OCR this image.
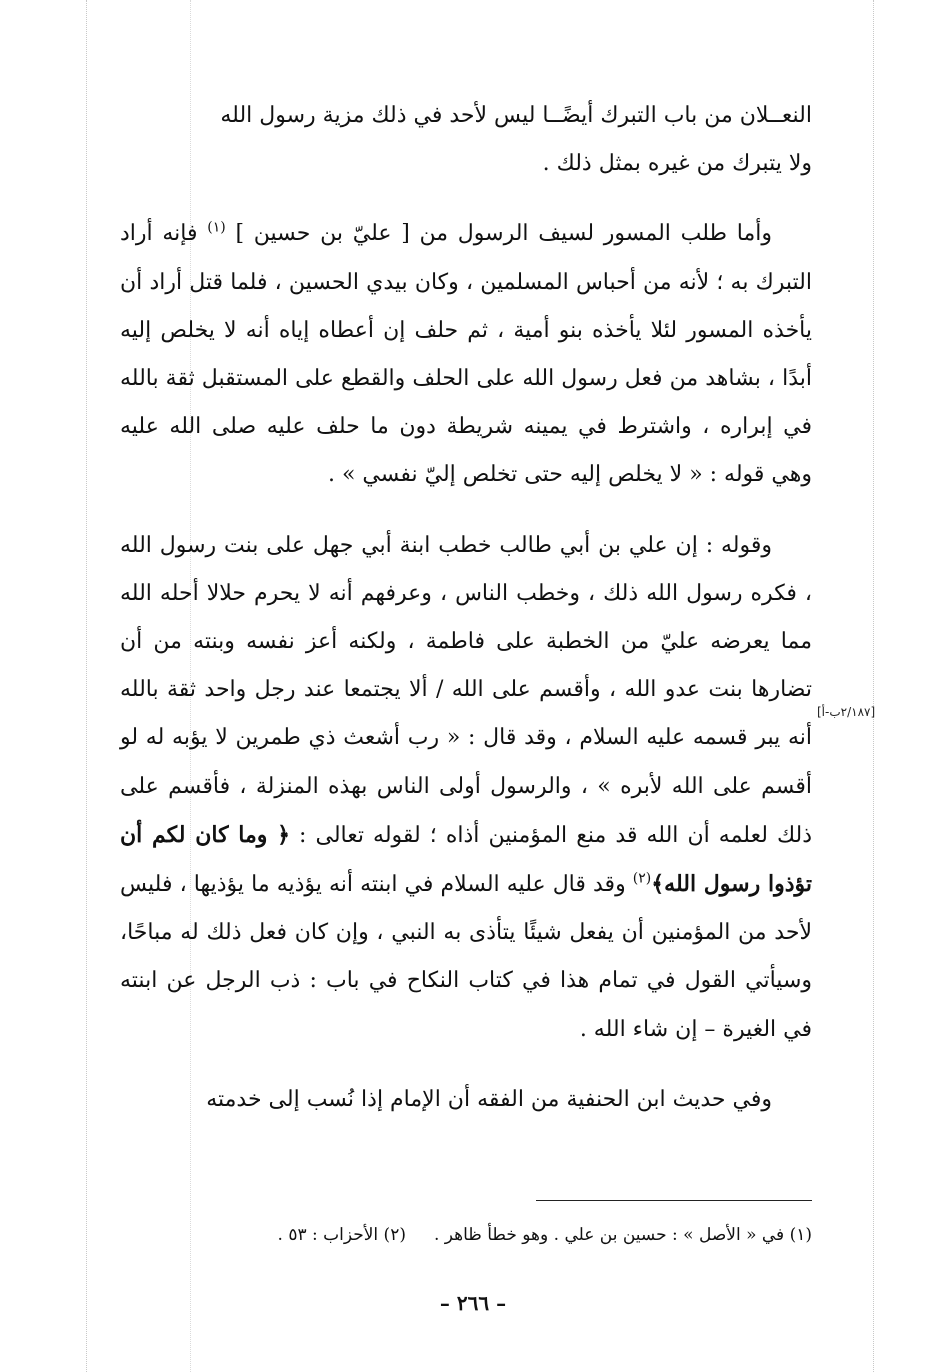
النعــلان من باب التبرك أيضًــا ليس لأحد في ذلك مزية رسول الله
ولا يتبرك من غيره بمثل ذلك .

وأما طلب المسور لسيف الرسول من [ عليّ بن حسين ] $^{(١)}$ فإنه أراد التبرك به ؛ لأنه من أحباس المسلمين ، وكان بيدي الحسين ، فلما قتل أراد أن يأخذه المسور لئلا يأخذه بنو أمية ، ثم حلف إن أعطاه إياه أنه لا يخلص إليه أبدًا ، بشاهد من فعل رسول الله على الحلف والقطع على المستقبل ثقة بالله في إبراره ، واشترط في يمينه شريطة دون ما حلف عليه صلى الله عليه وهي قوله : « لا يخلص إليه حتى تخلص إليّ نفسي » .

وقوله : إن علي بن أبي طالب خطب ابنة أبي جهل على بنت رسول الله ، فكره رسول الله ذلك ، وخطب الناس ، وعرفهم أنه لا يحرم حلالا أحله الله مما يعرضه عليّ من الخطبة على فاطمة ، ولكنه أعز نفسه وبنته من أن تضارها بنت عدو الله ، وأقسم على الله / ألا يجتمعا عند رجل واحد ثقة بالله أنه يبر قسمه عليه السلام ، وقد قال : « رب أشعث ذي طمرين لا يؤبه له لو أقسم على الله لأبره » ، والرسول أولى الناس بهذه المنزلة ، فأقسم على ذلك لعلمه أن الله قد منع المؤمنين أذاه ؛ لقوله تعالى : ﴿ وما كان لكم أن تؤذوا رسول الله﴾$^{(٢)}$ وقد قال عليه السلام في ابنته أنه يؤذيه ما يؤذيها ، فليس لأحد من المؤمنين أن يفعل شيئًا يتأذى به النبي ، وإن كان فعل ذلك له مباحًا، وسيأتي القول في تمام هذا في كتاب النكاح في باب : ذب الرجل عن ابنته في الغيرة – إن شاء الله .

وفي حديث ابن الحنفية من الفقه أن الإمام إذا نُسب إلى خدمته

[٢/١٨٧ب-أ]
(١) في « الأصل » : حسين بن علي . وهو خطأ ظاهر .(٢) الأحزاب : ٥٣ .
– ٢٦٦ –
